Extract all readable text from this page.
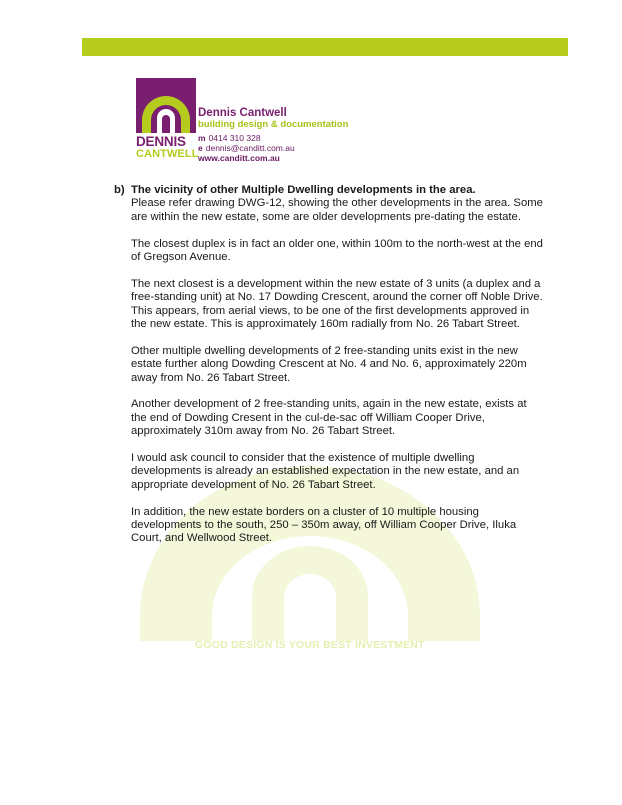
GOOD DESIGN IS YOUR BEST INVESTMENT
DENNIS
CANTWELL
Dennis Cantwell
building design & documentation
m 0414 310 328
e dennis@canditt.com.au
www.canditt.com.au
b) The vicinity of other Multiple Dwelling developments in the area.

Please refer drawing DWG-12, showing the other developments in the area. Some are within the new estate, some are older developments pre-dating the estate.

The closest duplex is in fact an older one, within 100m to the north-west at the end of Gregson Avenue.

The next closest is a development within the new estate of 3 units (a duplex and a free-standing unit) at No. 17 Dowding Crescent, around the corner off Noble Drive.

This appears, from aerial views, to be one of the first developments approved in the new estate. This is approximately 160m radially from No. 26 Tabart Street.

Other multiple dwelling developments of 2 free-standing units exist in the new estate further along Dowding Crescent at No. 4 and No. 6, approximately 220m away from No. 26 Tabart Street.

Another development of 2 free-standing units, again in the new estate, exists at the end of Dowding Cresent in the cul-de-sac off William Cooper Drive, approximately 310m away from No. 26 Tabart Street.

I would ask council to consider that the existence of multiple dwelling developments is already an established expectation in the new estate, and an appropriate development of No. 26 Tabart Street.

In addition, the new estate borders on a cluster of 10 multiple housing developments to the south, 250 – 350m away, off William Cooper Drive, Iluka Court, and Wellwood Street.
